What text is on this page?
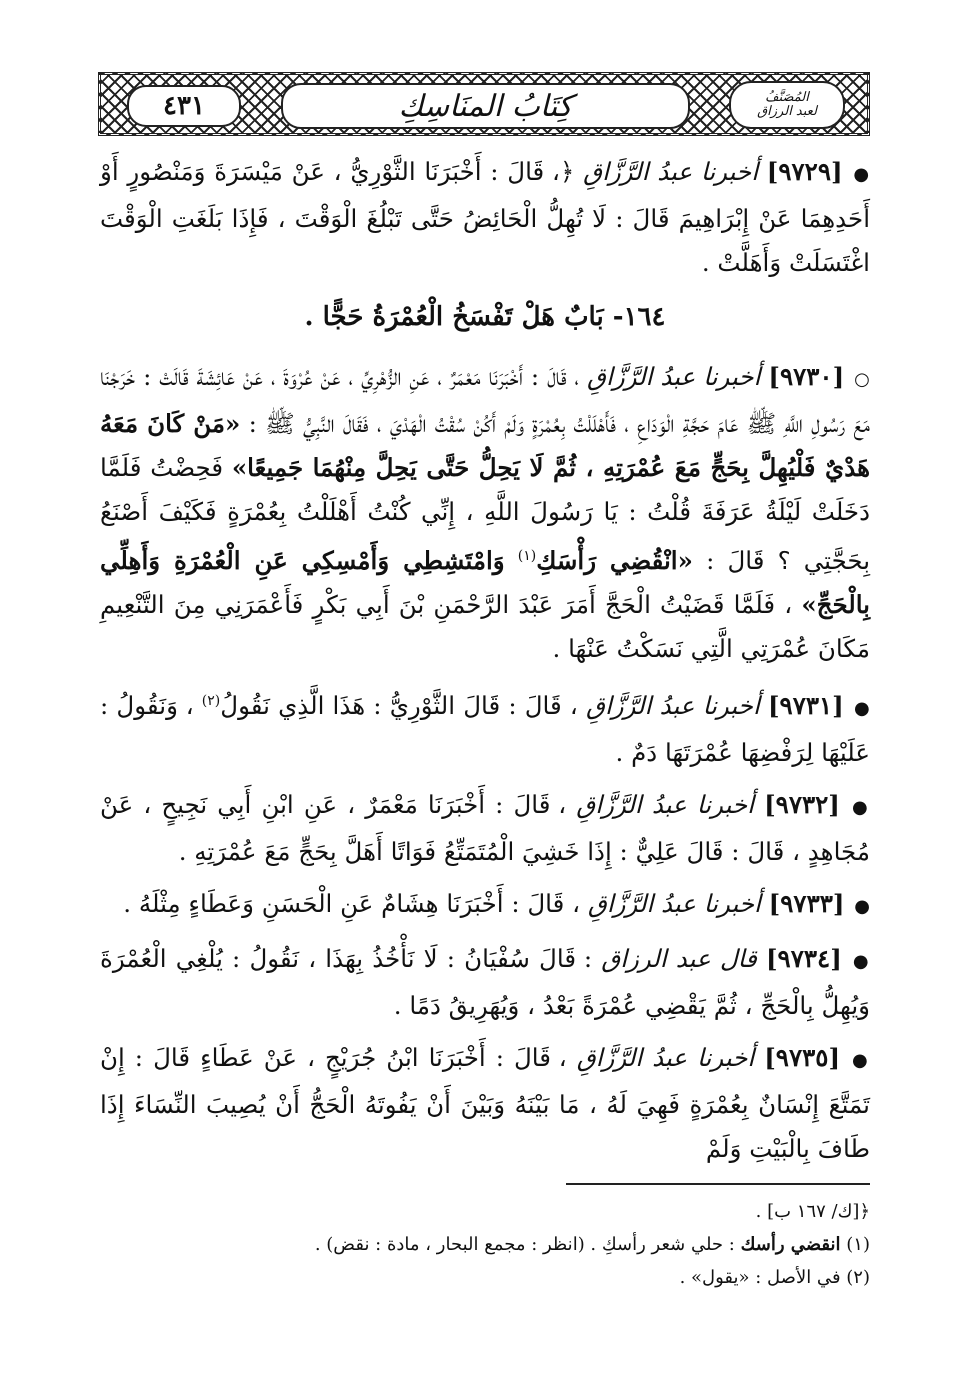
٤٣١	كِتَابُ المنَاسِكِ	المُصَنَّفُ
لعبد الرزاق

● [٩٧٢٩] أخبرنا عبدُ الرَّزَّاقِ ﴿، قَالَ : أَخْبَرَنَا الثَّوْرِيُّ ، عَنْ مَيْسَرَةَ وَمَنْصُورٍ أَوْ أَحَدِهِمَا عَنْ إِبْرَاهِيمَ قَالَ : لَا تُهِلُّ الْحَائِضُ حَتَّى تَبْلُغَ الْوَقْتَ ، فَإِذَا بَلَغَتِ الْوَقْتَ اغْتَسَلَتْ وَأَهَلَّتْ .

١٦٤- بَابٌ هَلْ تَفْسَخُ الْعُمْرَةُ حَجًّا .

○ [٩٧٣٠] أخبرنا عبدُ الرَّزَّاقِ ، قَالَ : أَخْبَرَنَا مَعْمَرٌ ، عَنِ الزُّهْرِيِّ ، عَنْ عُرْوَةَ ، عَنْ عَائِشَةَ قَالَتْ : خَرَجْنَا مَعَ رَسُولِ اللَّهِ ﷺ عَامَ حَجَّةِ الْوَدَاعِ ، فَأَهْلَلْتُ بِعُمْرَةٍ وَلَمْ أَكُنْ سُقْتُ الْهَدْيَ ، فَقَالَ النَّبِيُّ ﷺ : «مَنْ كَانَ مَعَهُ هَدْيٌ فَلْيُهِلَّ بِحَجٍّ مَعَ عُمْرَتِهِ ، ثُمَّ لَا يَحِلُّ حَتَّى يَحِلَّ مِنْهُمَا جَمِيعًا» فَحِضْتُ فَلَمَّا دَخَلَتْ لَيْلَةُ عَرَفَةَ قُلْتُ : يَا رَسُولَ اللَّهِ ، إِنِّي كُنْتُ أَهْلَلْتُ بِعُمْرَةٍ فَكَيْفَ أَصْنَعُ بِحَجَّتِي ؟ قَالَ : «انْقُضِي رَأْسَكِ$^{(١)}$ وَامْتَشِطِي وَأَمْسِكِي عَنِ الْعُمْرَةِ وَأَهِلِّي بِالْحَجِّ» ، فَلَمَّا قَضَيْتُ الْحَجَّ أَمَرَ عَبْدَ الرَّحْمَنِ بْنَ أَبِي بَكْرٍ فَأَعْمَرَنِي مِنَ التَّنْعِيمِ مَكَانَ عُمْرَتِي الَّتِي نَسَكْتُ عَنْهَا .

● [٩٧٣١] أخبرنا عبدُ الرَّزَّاقِ ، قَالَ : قَالَ الثَّوْرِيُّ : هَذَا الَّذِي نَقُولُ$^{(٢)}$ ، وَنَقُولُ : عَلَيْهَا لِرَفْضِهَا عُمْرَتَهَا دَمٌ .

● [٩٧٣٢] أخبرنا عبدُ الرَّزَّاقِ ، قَالَ : أَخْبَرَنَا مَعْمَرٌ ، عَنِ ابْنِ أَبِي نَجِيحٍ ، عَنْ مُجَاهِدٍ ، قَالَ : قَالَ عَلِيٌّ : إِذَا خَشِيَ الْمُتَمَتِّعُ فَوَاتًا أَهَلَّ بِحَجٍّ مَعَ عُمْرَتِهِ .

● [٩٧٣٣] أخبرنا عبدُ الرَّزَّاقِ ، قَالَ : أَخْبَرَنَا هِشَامٌ عَنِ الْحَسَنِ وَعَطَاءٍ مِثْلَهُ .

● [٩٧٣٤] قال عبد الرزاق : قَالَ سُفْيَانُ : لَا نَأْخُذُ بِهَذَا ، نَقُولُ : يُلْغِي الْعُمْرَةَ وَيُهِلُّ بِالْحَجِّ ، ثُمَّ يَقْضِي عُمْرَةً بَعْدُ ، وَيُهَرِيقُ دَمًا .

● [٩٧٣٥] أخبرنا عبدُ الرَّزَّاقِ ، قَالَ : أَخْبَرَنَا ابْنُ جُرَيْجٍ ، عَنْ عَطَاءٍ قَالَ : إِنْ تَمَتَّعَ إِنْسَانٌ بِعُمْرَةٍ فَهِيَ لَهُ ، مَا بَيْنَهُ وَبَيْنَ أَنْ يَفُوتَهُ الْحَجُّ أَنْ يُصِيبَ النِّسَاءَ إِذَا طَافَ بِالْبَيْتِ وَلَمْ

﴿[ك/ ١٦٧ ب] .
(١) انقضي رأسك : حلي شعر رأسكِ . (انظر : مجمع البحار ، مادة : نقض) .
(٢) في الأصل : «يقول» .
